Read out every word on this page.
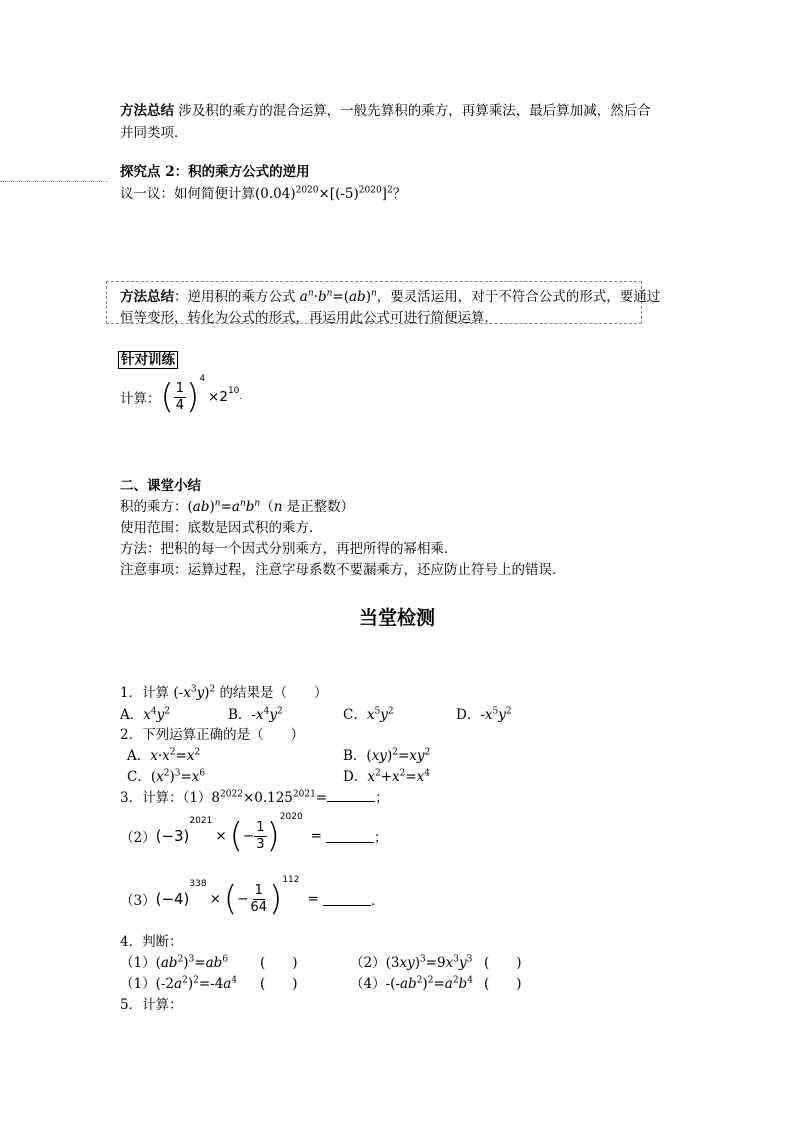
方法总结 涉及积的乘方的混合运算，一般先算积的乘方，再算乘法，最后算加减，然后合
并同类项．
探究点 2：积的乘方公式的逆用
议一议：如何简便计算$(0.04)^{2020}\times[(-5)^{2020}]^2$？
方法总结：逆用积的乘方公式 $a^n\cdot b^n=(ab)^n$，要灵活运用，对于不符合公式的形式，要通过
恒等变形，转化为公式的形式，再运用此公式可进行简便运算．
针对训练
计算： ( $\frac{1}{4}$ ) 4
×2 10
.
二、课堂小结
积的乘方：$(ab)^n=a^nb^n(n$ 是正整数）
使用范围：底数是因式积的乘方．
方法：把积的每一个因式分别乘方，再把所得的幂相乘．
注意事项：运算过程，注意字母系数不要漏乘方，还应防止符号上的错误．
当堂检测
1．计算 $(-x^3y)^2$ 的结果是（　　）
A．$x^4y^2$	B．$-x^4y^2$	C．$x^5y^2$	D．$-x^5y^2$
2．下列运算正确的是（　　）
A．$x\cdot x^2=x^2$	B．$(xy)^2=xy^2$
C．$(x^2)^3=x^6$	D．$x^2+x^2=x^4$
3．计算：$(1)8^{2022}\times 0.125^{2021}=$	；
（2） (−3)
2021
× ( − $\frac{1}{3}$ ) 2020
=	；
（3） (−4)
338
× ( − $\frac{1}{64}$ ) 112
=	．
4．判断：
$(1)(ab^2)^3=ab^6$ (　　)	$(2)(3xy)^3=9x^3y^3$ (　　)
$(1)(-2a^2)^2=-4a^4$ (　　)	$(4)-(-ab^2)^2=a^2b^4$ (　　)
5．计算：
